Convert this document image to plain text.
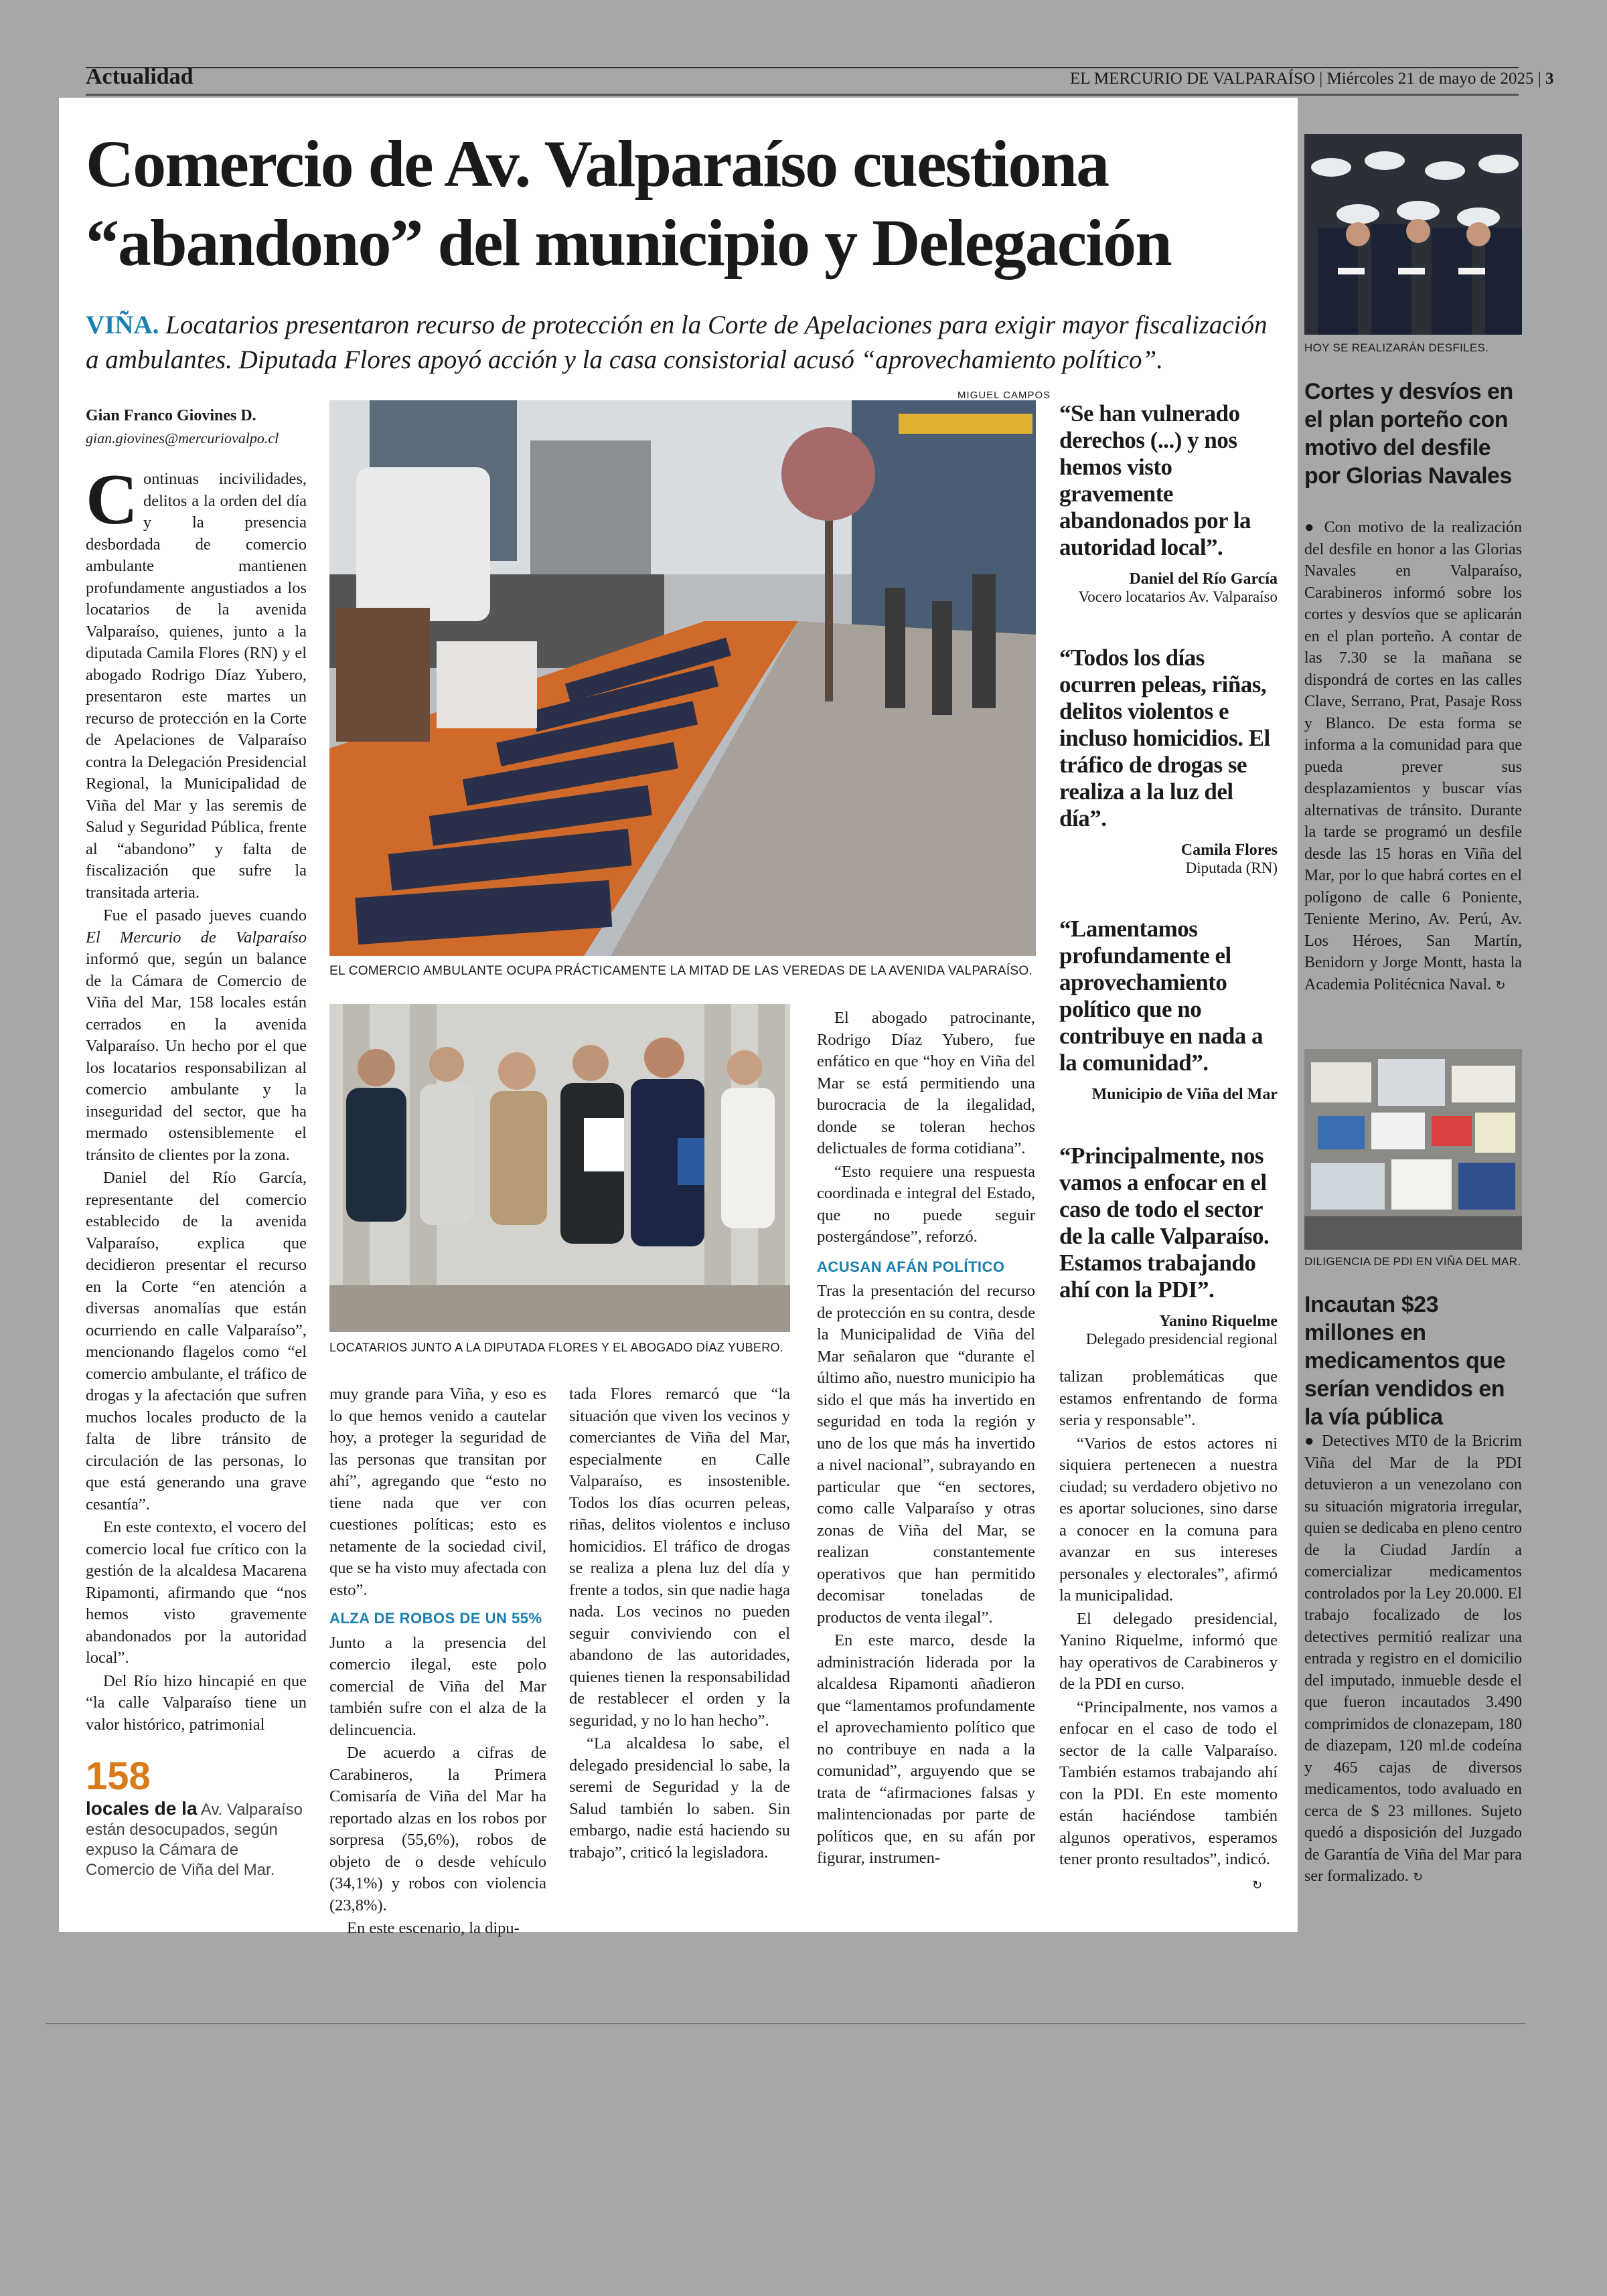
Actualidad	EL MERCURIO DE VALPARAÍSO | Miércoles 21 de mayo de 2025 | 3
Comercio de Av. Valparaíso cuestiona
“abandono” del municipio y Delegación
VIÑA. Locatarios presentaron recurso de protección en la Corte de Apelaciones para exigir mayor fiscalización a ambulantes. Diputada Flores apoyó acción y la casa consistorial acusó “aprovechamiento político”.
Gian Franco Giovines D.
gian.giovines@mercuriovalpo.cl

Continuas incivilidades, delitos a la orden del día y la presencia desbordada de comercio ambulante mantienen profundamente angustiados a los locatarios de la avenida Valparaíso, quienes, junto a la diputada Camila Flores (RN) y el abogado Rodrigo Díaz Yubero, presentaron este martes un recurso de protección en la Corte de Apelaciones de Valparaíso contra la Delegación Presidencial Regional, la Municipalidad de Viña del Mar y las seremis de Salud y Seguridad Pública, frente al “abandono” y falta de fiscalización que sufre la transitada arteria.

Fue el pasado jueves cuando El Mercurio de Valparaíso informó que, según un balance de la Cámara de Comercio de Viña del Mar, 158 locales están cerrados en la avenida Valparaíso. Un hecho por el que los locatarios responsabilizan al comercio ambulante y la inseguridad del sector, que ha mermado ostensiblemente el tránsito de clientes por la zona.

Daniel del Río García, representante del comercio establecido de la avenida Valparaíso, explica que decidieron presentar el recurso en la Corte “en atención a diversas anomalías que están ocurriendo en calle Valparaíso”, mencionando flagelos como “el comercio ambulante, el tráfico de drogas y la afectación que sufren muchos locales producto de la falta de libre tránsito de circulación de las personas, lo que está generando una grave cesantía”.

En este contexto, el vocero del comercio local fue crítico con la gestión de la alcaldesa Macarena Ripamonti, afirmando que “nos hemos visto gravemente abandonados por la autoridad local”.

Del Río hizo hincapié en que “la calle Valparaíso tiene un valor histórico, patrimonial

158
locales de la Av. Valparaíso están desocupados, según expuso la Cámara de Comercio de Viña del Mar.
MIGUEL CAMPOS
EL COMERCIO AMBULANTE OCUPA PRÁCTICAMENTE LA MITAD DE LAS VEREDAS DE LA AVENIDA VALPARAÍSO.
LOCATARIOS JUNTO A LA DIPUTADA FLORES Y EL ABOGADO DÍAZ YUBERO.

muy grande para Viña, y eso es lo que hemos venido a cautelar hoy, a proteger la seguridad de las personas que transitan por ahí”, agregando que “esto no tiene nada que ver con cuestiones políticas; esto es netamente de la sociedad civil, que se ha visto muy afectada con esto”.

ALZA DE ROBOS DE UN 55%

Junto a la presencia del comercio ilegal, este polo comercial de Viña del Mar también sufre con el alza de la delincuencia.

De acuerdo a cifras de Carabineros, la Primera Comisaría de Viña del Mar ha reportado alzas en los robos por sorpresa (55,6%), robos de objeto de o desde vehículo (34,1%) y robos con violencia (23,8%).

En este escenario, la dipu-

tada Flores remarcó que “la situación que viven los vecinos y comerciantes de Viña del Mar, especialmente en Calle Valparaíso, es insostenible. Todos los días ocurren peleas, riñas, delitos violentos e incluso homicidios. El tráfico de drogas se realiza a plena luz del día y frente a todos, sin que nadie haga nada. Los vecinos no pueden seguir conviviendo con el abandono de las autoridades, quienes tienen la responsabilidad de restablecer el orden y la seguridad, y no lo han hecho”.

“La alcaldesa lo sabe, el delegado presidencial lo sabe, la seremi de Seguridad y la de Salud también lo saben. Sin embargo, nadie está haciendo su trabajo”, criticó la legisladora.

El abogado patrocinante, Rodrigo Díaz Yubero, fue enfático en que “hoy en Viña del Mar se está permitiendo una burocracia de la ilegalidad, donde se toleran hechos delictuales de forma cotidiana”.

“Esto requiere una respuesta coordinada e integral del Estado, que no puede seguir postergándose”, reforzó.

ACUSAN AFÁN POLÍTICO

Tras la presentación del recurso de protección en su contra, desde la Municipalidad de Viña del Mar señalaron que “durante el último año, nuestro municipio ha sido el que más ha invertido en seguridad en toda la región y uno de los que más ha invertido a nivel nacional”, subrayando en particular que “en sectores, como calle Valparaíso y otras zonas de Viña del Mar, se realizan constantemente operativos que han permitido decomisar toneladas de productos de venta ilegal”.

En este marco, desde la administración liderada por la alcaldesa Ripamonti añadieron que “lamentamos profundamente el aprovechamiento político que no contribuye en nada a la comunidad”, arguyendo que se trata de “afirmaciones falsas y malintencionadas por parte de políticos que, en su afán por figurar, instrumen-

“Se han vulnerado derechos (...) y nos hemos visto gravemente abandonados por la autoridad local”.
Daniel del Río García
Vocero locatarios Av. Valparaíso
“Todos los días ocurren peleas, riñas, delitos violentos e incluso homicidios. El tráfico de drogas se realiza a la luz del día”.
Camila Flores
Diputada (RN)
“Lamentamos profundamente el aprovechamiento político que no contribuye en nada a la comunidad”.
Municipio de Viña del Mar
“Principalmente, nos vamos a enfocar en el caso de todo el sector de la calle Valparaíso. Estamos trabajando ahí con la PDI”.
Yanino Riquelme
Delegado presidencial regional

talizan problemáticas que estamos enfrentando de forma seria y responsable”.

“Varios de estos actores ni siquiera pertenecen a nuestra ciudad; su verdadero objetivo no es aportar soluciones, sino darse a conocer en la comuna para avanzar en sus intereses personales y electorales”, afirmó la municipalidad.

El delegado presidencial, Yanino Riquelme, informó que hay operativos de Carabineros y de la PDI en curso.

“Principalmente, nos vamos a enfocar en el caso de todo el sector de la calle Valparaíso. También estamos trabajando ahí con la PDI. En este momento están haciéndose también algunos operativos, esperamos tener pronto resultados”, indicó.

↻
HOY SE REALIZARÁN DESFILES.
Cortes y desvíos en el plan porteño con motivo del desfile por Glorias Navales
● Con motivo de la realización del desfile en honor a las Glorias Navales en Valparaíso, Carabineros informó sobre los cortes y desvíos que se aplicarán en el plan porteño. A contar de las 7.30 se la mañana se dispondrá de cortes en las calles Clave, Serrano, Prat, Pasaje Ross y Blanco. De esta forma se informa a la comunidad para que pueda prever sus desplazamientos y buscar vías alternativas de tránsito. Durante la tarde se programó un desfile desde las 15 horas en Viña del Mar, por lo que habrá cortes en el polígono de calle 6 Poniente, Teniente Merino, Av. Perú, Av. Los Héroes, San Martín, Benidorn y Jorge Montt, hasta la Academia Politécnica Naval. ↻
DILIGENCIA DE PDI EN VIÑA DEL MAR.
Incautan $23 millones en medicamentos que serían vendidos en la vía pública
● Detectives MT0 de la Bricrim Viña del Mar de la PDI detuvieron a un venezolano con su situación migratoria irregular, quien se dedicaba en pleno centro de la Ciudad Jardín a comercializar medicamentos controlados por la Ley 20.000. El trabajo focalizado de los detectives permitió realizar una entrada y registro en el domicilio del imputado, inmueble desde el que fueron incautados 3.490 comprimidos de clonazepam, 180 de diazepam, 120 ml.de codeína y 465 cajas de diversos medicamentos, todo avaluado en cerca de $ 23 millones. Sujeto quedó a disposición del Juzgado de Garantía de Viña del Mar para ser formalizado. ↻
